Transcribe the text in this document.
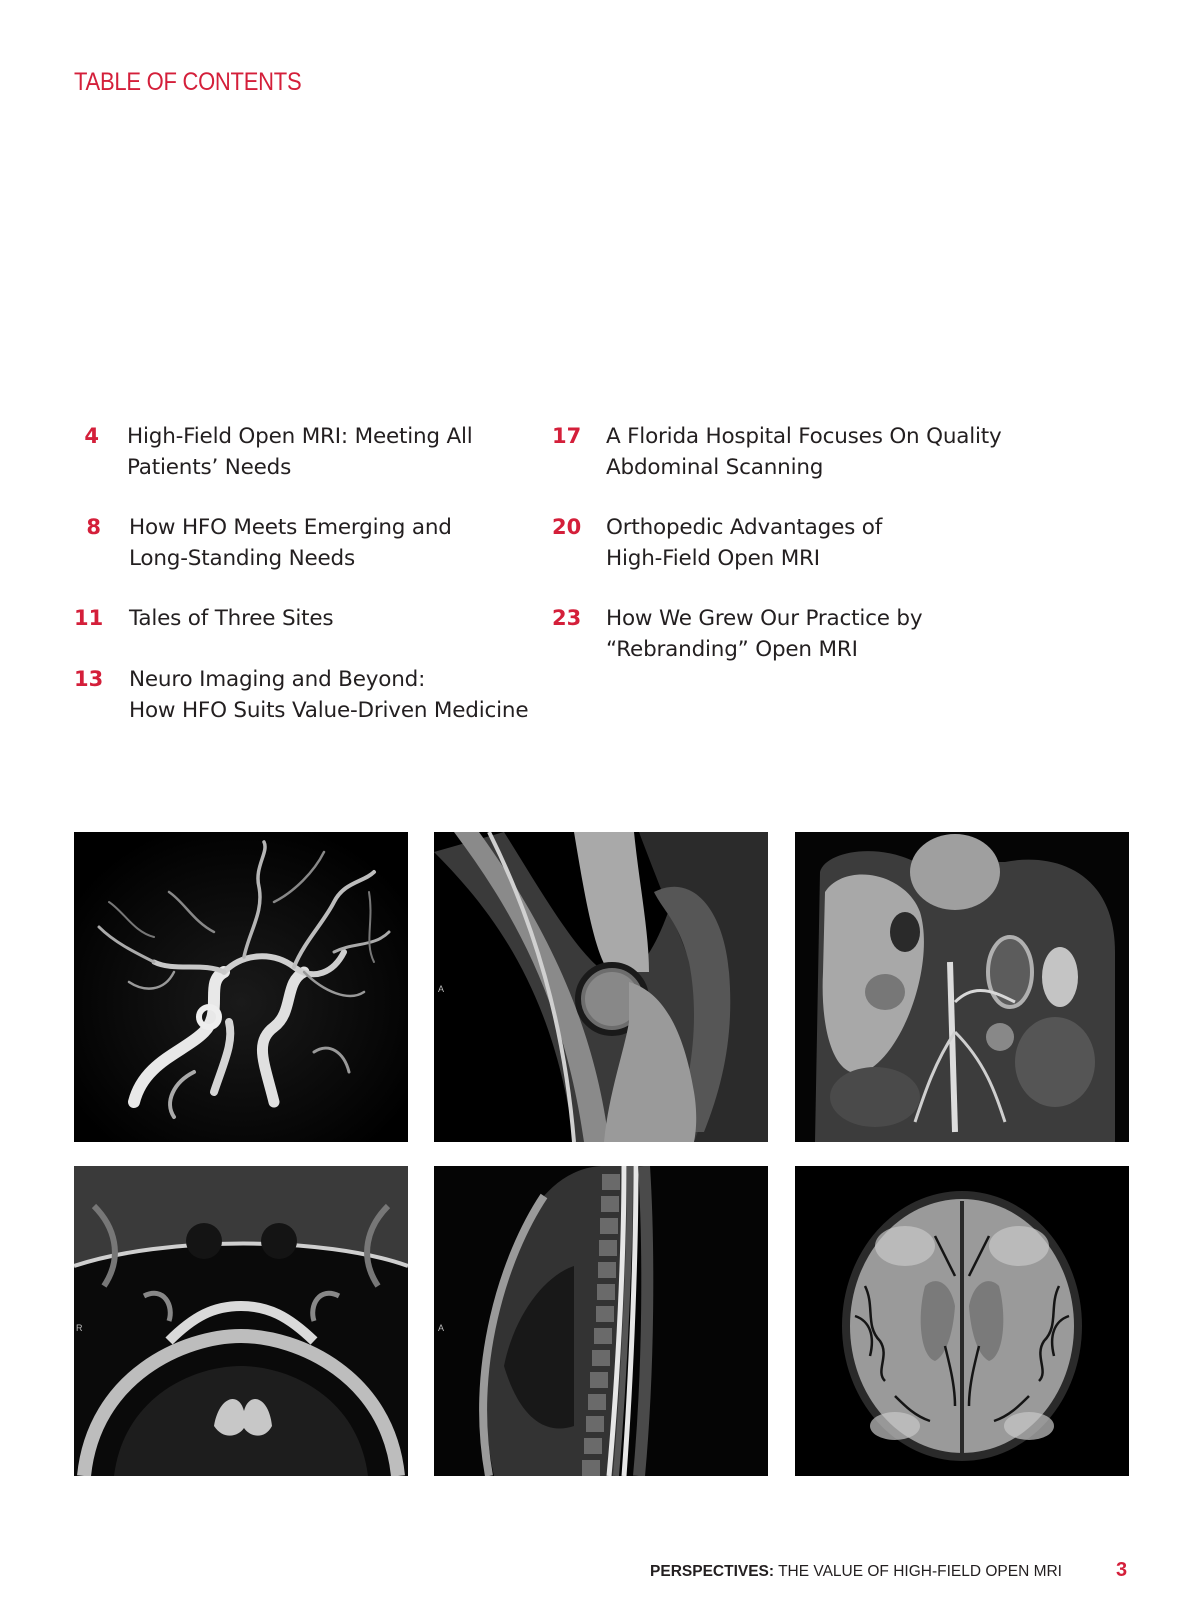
TABLE OF CONTENTS
4 High-Field Open MRI: Meeting All
Patients’ Needs
8 How HFO Meets Emerging and
Long-Standing Needs
11 Tales of Three Sites
13 Neuro Imaging and Beyond:
How HFO Suits Value-Driven Medicine
17 A Florida Hospital Focuses On Quality
Abdominal Scanning
20 Orthopedic Advantages of
High-Field Open MRI
23 How We Grew Our Practice by
“Rebranding” Open MRI
A
R	A
PERSPECTIVES: THE VALUE OF HIGH-FIELD OPEN MRI	3
